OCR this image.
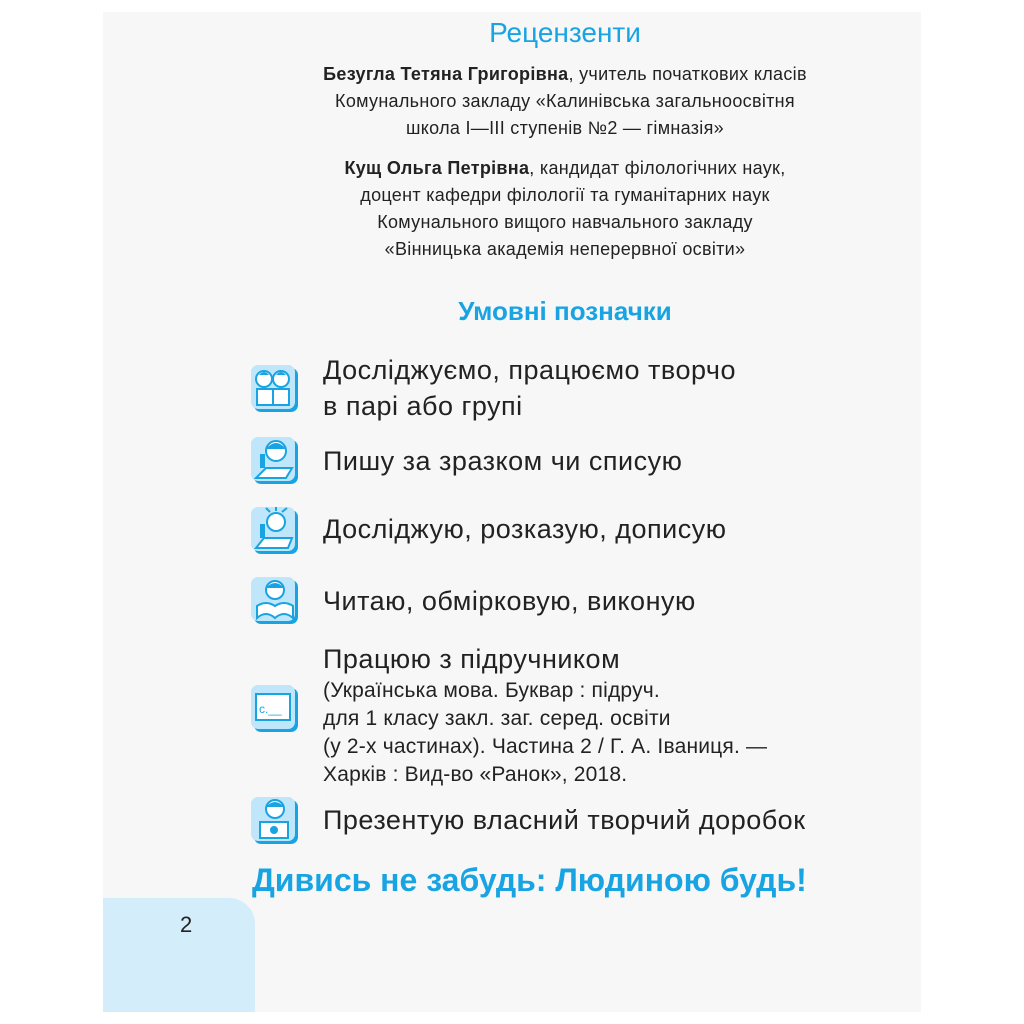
2
Рецензенти
Безугла Тетяна Григорівна, учитель початкових класів
Комунального закладу «Калинівська загальноосвітня
школа І—ІІІ ступенів №2 — гімназія»
Кущ Ольга Петрівна, кандидат філологічних наук,
доцент кафедри філології та гуманітарних наук
Комунального вищого навчального закладу
«Вінницька академія неперервної освіти»
Умовні позначки
Досліджуємо, працюємо творчо
в парі або групі
Пишу за зразком чи списую
Досліджую, розказую, дописую
Читаю, обмірковую, виконую
с.__
Працюю з підручником
(Українська мова. Буквар : підруч.
для 1 класу закл. заг. серед. освіти
(у 2-х частинах). Частина 2 / Г. А. Іваниця. —
Харків : Вид-во «Ранок», 2018.
Презентую власний творчий доробок
Дивись не забудь: Людиною будь!
